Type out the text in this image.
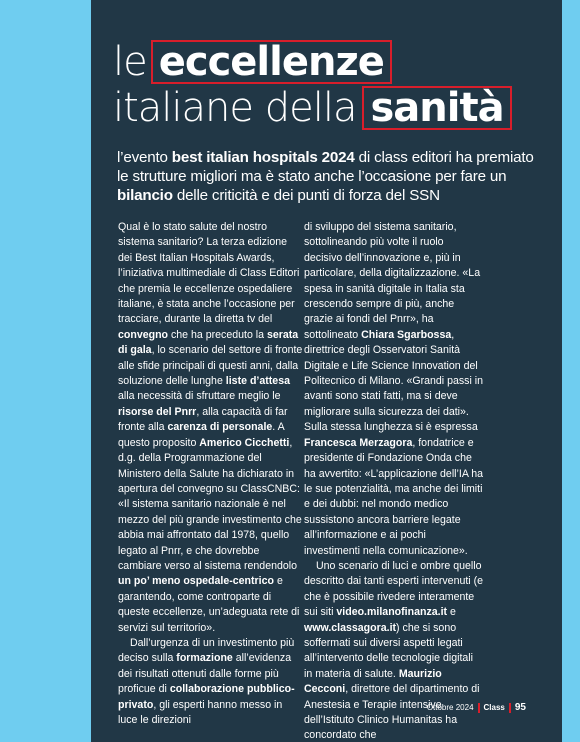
le eccellenze
italiane della sanità
l’evento best italian hospitals 2024 di class editori ha premiato le strutture migliori ma è stato anche l’occasione per fare un bilancio delle criticità e dei punti di forza del SSN

Qual è lo stato salute del nostro sistema sanitario? La terza edizione dei Best Italian Hospitals Awards, l’iniziativa multimediale di Class Editori che premia le eccellenze ospedaliere italiane, è stata anche l’occasione per tracciare, durante la diretta tv del convegno che ha preceduto la serata di gala, lo scenario del settore di fronte alle sfide principali di questi anni, dalla soluzione delle lunghe liste d’attesa alla necessità di sfruttare meglio le risorse del Pnrr, alla capacità di far fronte alla carenza di personale. A questo proposito Americo Cicchetti, d.g. della Programmazione del Ministero della Salute ha dichiarato in apertura del convegno su ClassCNBC: «Il sistema sanitario nazionale è nel mezzo del più grande investimento che abbia mai affrontato dal 1978, quello legato al Pnrr, e che dovrebbe cambiare verso al sistema rendendolo un po’ meno ospedale-centrico e garantendo, come controparte di queste eccellenze, un’adeguata rete di servizi sul territorio».

Dall’urgenza di un investimento più deciso sulla formazione all’evidenza dei risultati ottenuti dalle forme più proficue di collaborazione pubblico-privato, gli esperti hanno messo in luce le direzioni

di sviluppo del sistema sanitario, sottolineando più volte il ruolo decisivo dell’innovazione e, più in particolare, della digitalizzazione. «La spesa in sanità digitale in Italia sta crescendo sempre di più, anche grazie ai fondi del Pnrr», ha sottolineato Chiara Sgarbossa, direttrice degli Osservatori Sanità Digitale e Life Science Innovation del Politecnico di Milano. «Grandi passi in avanti sono stati fatti, ma si deve migliorare sulla sicurezza dei dati». Sulla stessa lunghezza si è espressa Francesca Merzagora, fondatrice e presidente di Fondazione Onda che ha avvertito: «L’applicazione dell’IA ha le sue potenzialità, ma anche dei limiti e dei dubbi: nel mondo medico sussistono ancora barriere legate all’informazione e ai pochi investimenti nella comunicazione».

Uno scenario di luci e ombre quello descritto dai tanti esperti intervenuti (e che è possibile rivedere interamente sui siti video.milanofinanza.it e www.classagora.it) che si sono soffermati sui diversi aspetti legati all’intervento delle tecnologie digitali in materia di salute. Maurizio Cecconi, direttore del dipartimento di Anestesia e Terapie intensive dell’Istituto Clinico Humanitas ha concordato che

Ottobre 2024 Class 95
